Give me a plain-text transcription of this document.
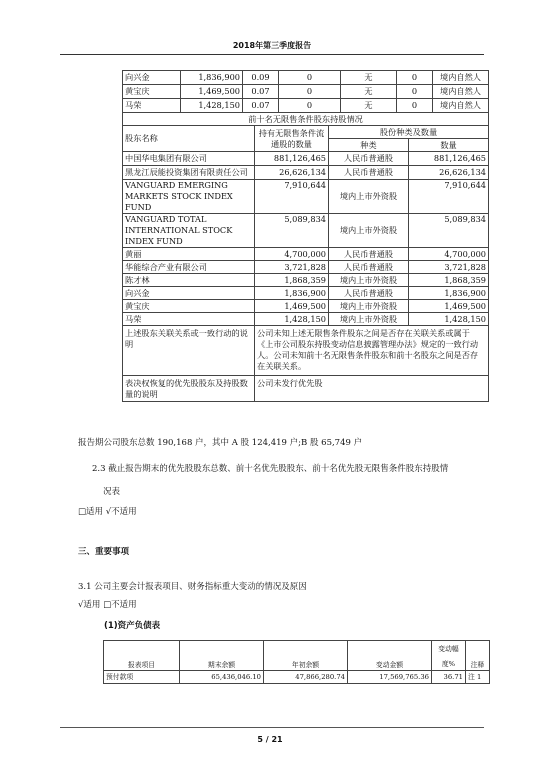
2018年第三季度报告
向兴金	1,836,900	0.09	0	无	0	境内自然人
黄宝庆	1,469,500	0.07	0	无	0	境内自然人
马荣	1,428,150	0.07	0	无	0	境内自然人
前十名无限售条件股东持股情况			
股东名称	持有无限售条件流通股的数量	股份种类及数量	
		种类	数量
中国华电集团有限公司	881,126,465	人民币普通股	881,126,465
黑龙江辰能投资集团有限责任公司	26,626,134	人民币普通股	26,626,134
VANGUARD EMERGING MARKETS STOCK INDEX FUND	7,910,644	境内上市外资股	7,910,644
VANGUARD TOTAL INTERNATIONAL STOCK INDEX FUND	5,089,834	境内上市外资股	5,089,834
黄丽	4,700,000	人民币普通股	4,700,000
华能综合产业有限公司	3,721,828	人民币普通股	3,721,828
陈才林	1,868,359	境内上市外资股	1,868,359
向兴金	1,836,900	人民币普通股	1,836,900
黄宝庆	1,469,500	境内上市外资股	1,469,500
马荣	1,428,150	境内上市外资股	1,428,150
上述股东关联关系或一致行动的说明	公司未知上述无限售条件股东之间是否存在关联关系或属于《上市公司股东持股变动信息披露管理办法》规定的一致行动人。公司未知前十名无限售条件股东和前十名股东之间是否存在关联关系。		
表决权恢复的优先股股东及持股数量的说明	公司未发行优先股		
报告期公司股东总数 190,168 户，其中 A 股 124,419 户;B 股 65,749 户
2.3 截止报告期末的优先股股东总数、前十名优先股股东、前十名优先股无限售条件股东持股情
况表
□适用 √不适用
三、重要事项
3.1 公司主要会计报表项目、财务指标重大变动的情况及原因
√适用 □不适用
(1)资产负债表
报表项目	期末余额	年初余额	变动金额	变动幅	注释
				度%	
预付款项	65,436,046.10	47,866,280.74	17,569,765.36	36.71	注 1
5 / 21
